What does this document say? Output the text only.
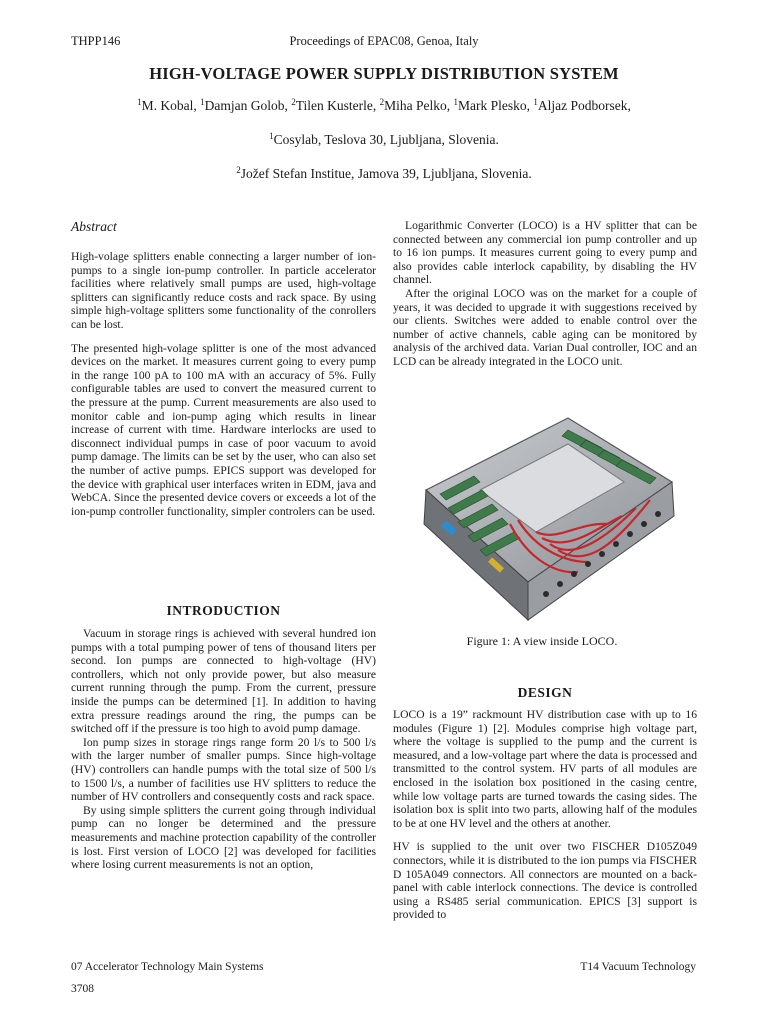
THPP146	Proceedings of EPAC08, Genoa, Italy
HIGH-VOLTAGE POWER SUPPLY DISTRIBUTION SYSTEM
$^1$M. Kobal, $^1$Damjan Golob, $^2$Tilen Kusterle, $^2$Miha Pelko, $^1$Mark Plesko, $^1$Aljaz Podborsek,
$^1$Cosylab, Teslova 30, Ljubljana, Slovenia.
$^2$Jožef Stefan Institue, Jamova 39, Ljubljana, Slovenia.
Abstract

High-volage splitters enable connecting a larger number of ion-pumps to a single ion-pump controller. In particle accelerator facilities where relatively small pumps are used, high-voltage splitters can significantly reduce costs and rack space. By using simple high-voltage splitters some functionality of the conrollers can be lost.

The presented high-volage splitter is one of the most advanced devices on the market. It measures current going to every pump in the range 100 pA to 100 mA with an accuracy of 5%. Fully configurable tables are used to convert the measured current to the pressure at the pump. Current measurements are also used to monitor cable and ion-pump aging which results in linear increase of current with time. Hardware interlocks are used to disconnect individual pumps in case of poor vacuum to avoid pump damage. The limits can be set by the user, who can also set the number of active pumps. EPICS support was developed for the device with graphical user interfaces writen in EDM, java and WebCA. Since the presented device covers or exceeds a lot of the ion-pump controller functionality, simpler controlers can be used.

INTRODUCTION

Vacuum in storage rings is achieved with several hundred ion pumps with a total pumping power of tens of thousand liters per second. Ion pumps are connected to high-voltage (HV) controllers, which not only provide power, but also measure current running through the pump. From the current, pressure inside the pumps can be determined [1]. In addition to having extra pressure readings around the ring, the pumps can be switched off if the pressure is too high to avoid pump damage.

Ion pump sizes in storage rings range form 20 l/s to 500 l/s with the larger number of smaller pumps. Since high-voltage (HV) controllers can handle pumps with the total size of 500 l/s to 1500 l/s, a number of facilities use HV splitters to reduce the number of HV controllers and consequently costs and rack space.

By using simple splitters the current going through individual pump can no longer be determined and the pressure measurements and machine protection capability of the controller is lost. First version of LOCO [2] was developed for facilities where losing current measurements is not an option,

Logarithmic Converter (LOCO) is a HV splitter that can be connected between any commercial ion pump controller and up to 16 ion pumps. It measures current going to every pump and also provides cable interlock capability, by disabling the HV channel.

After the original LOCO was on the market for a couple of years, it was decided to upgrade it with suggestions received by our clients. Switches were added to enable control over the number of active channels, cable aging can be monitored by analysis of the archived data. Varian Dual controller, IOC and an LCD can be already integrated in the LOCO unit.

Figure 1: A view inside LOCO.
DESIGN

LOCO is a 19” rackmount HV distribution case with up to 16 modules (Figure 1) [2]. Modules comprise high voltage part, where the voltage is supplied to the pump and the current is measured, and a low-voltage part where the data is processed and transmitted to the control system. HV parts of all modules are enclosed in the isolation box positioned in the casing centre, while low voltage parts are turned towards the casing sides. The isolation box is split into two parts, allowing half of the modules to be at one HV level and the others at another.

HV is supplied to the unit over two FISCHER D105Z049 connectors, while it is distributed to the ion pumps via FISCHER D 105A049 connectors. All connectors are mounted on a back-panel with cable interlock connections. The device is controlled using a RS485 serial communication. EPICS [3] support is provided to

07 Accelerator Technology Main Systems	T14 Vacuum Technology
3708
